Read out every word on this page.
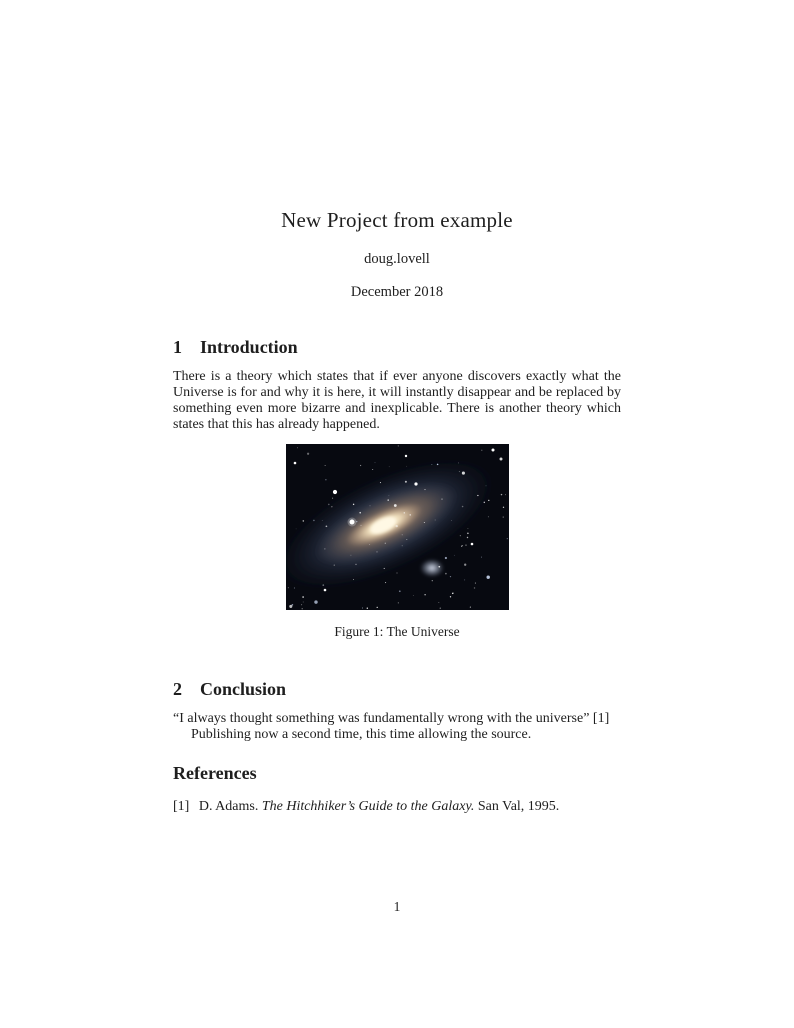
New Project from example
doug.lovell
December 2018
1 Introduction

There is a theory which states that if ever anyone discovers exactly what the Universe is for and why it is here, it will instantly disappear and be replaced by something even more bizarre and inexplicable. There is another theory which states that this has already happened.

Figure 1: The Universe
2 Conclusion
“I always thought something was fundamentally wrong with the universe” [1]
Publishing now a second time, this time allowing the source.
References
[1] D. Adams. The Hitchhiker’s Guide to the Galaxy. San Val, 1995.
1
